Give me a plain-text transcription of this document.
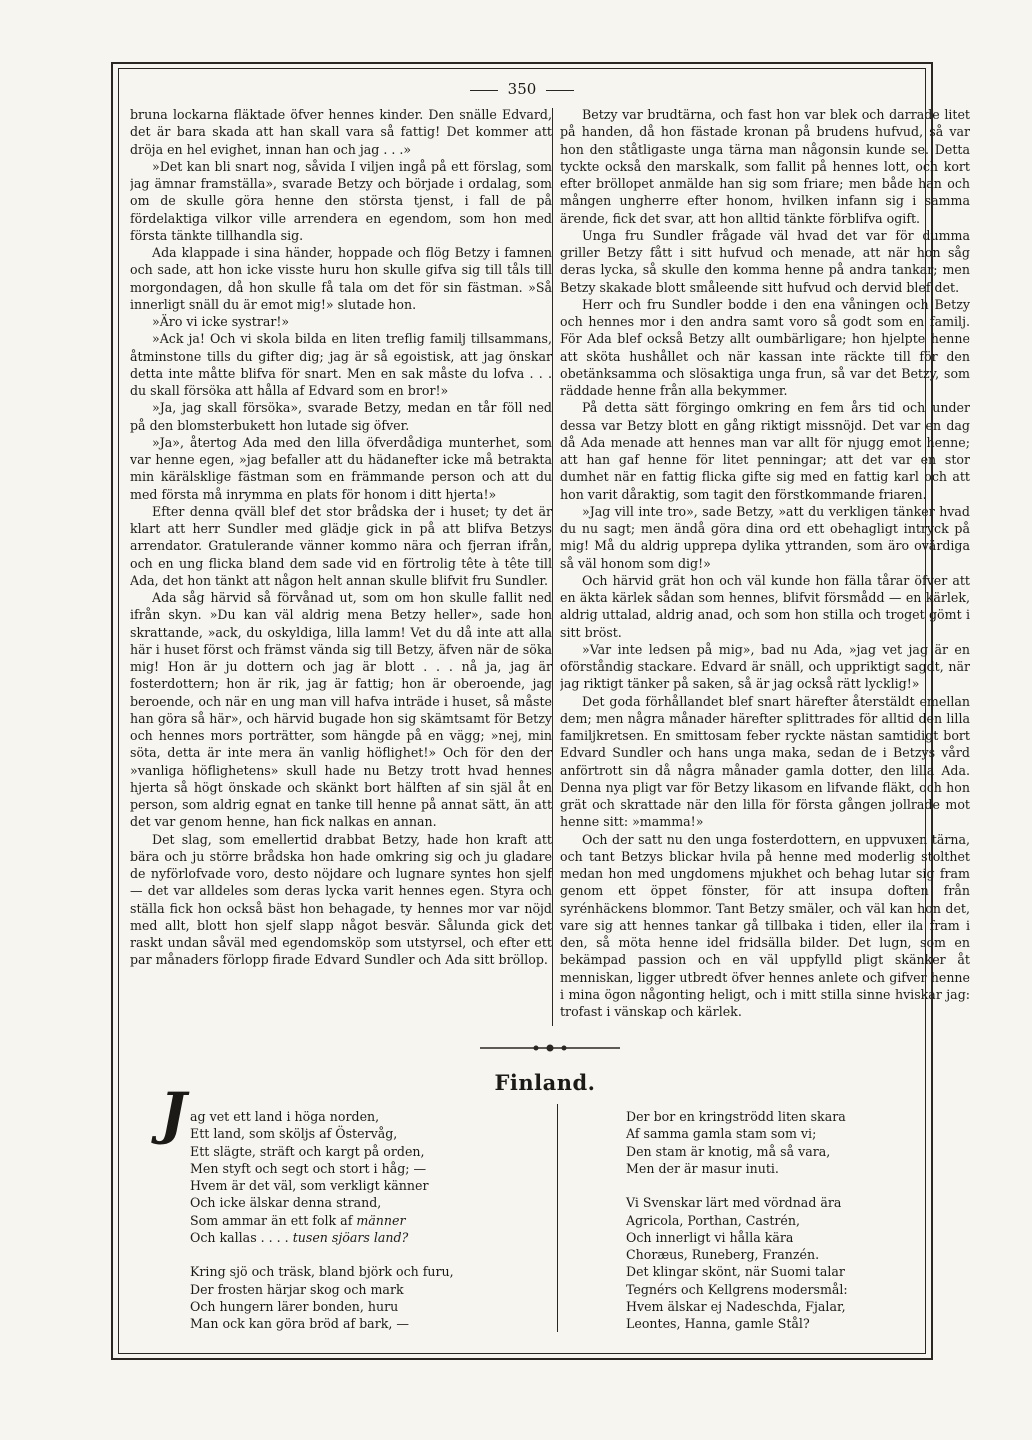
350

bruna lockarna fläktade öfver hennes kinder. Den snälle Edvard, det är bara skada att han skall vara så fattig! Det kommer att dröja en hel evighet, innan han och jag . . .»

»Det kan bli snart nog, såvida I viljen ingå på ett förslag, som jag ämnar framställa», svarade Betzy och började i ordalag, som om de skulle göra henne den största tjenst, i fall de på fördelaktiga vilkor ville arrendera en egendom, som hon med första tänkte tillhandla sig.

Ada klappade i sina händer, hoppade och flög Betzy i famnen och sade, att hon icke visste huru hon skulle gifva sig till tåls till morgondagen, då hon skulle få tala om det för sin fästman. »Så innerligt snäll du är emot mig!» slutade hon.

»Äro vi icke systrar!»

»Ack ja! Och vi skola bilda en liten treflig familj tillsammans, åtminstone tills du gifter dig; jag är så egoistisk, att jag önskar detta inte måtte blifva för snart. Men en sak måste du lofva . . . du skall försöka att hålla af Edvard som en bror!»

»Ja, jag skall försöka», svarade Betzy, medan en tår föll ned på den blomsterbukett hon lutade sig öfver.

»Ja», återtog Ada med den lilla öfverdådiga munterhet, som var henne egen, »jag befaller att du hädanefter icke må betrakta min kärälsklige fästman som en främmande person och att du med första må inrymma en plats för honom i ditt hjerta!»

Efter denna qväll blef det stor brådska der i huset; ty det är klart att herr Sundler med glädje gick in på att blifva Betzys arrendator. Gratulerande vänner kommo nära och fjerran ifrån, och en ung flicka bland dem sade vid en förtrolig tête à tête till Ada, det hon tänkt att någon helt annan skulle blifvit fru Sundler.

Ada såg härvid så förvånad ut, som om hon skulle fallit ned ifrån skyn. »Du kan väl aldrig mena Betzy heller», sade hon skrattande, »ack, du oskyldiga, lilla lamm! Vet du då inte att alla här i huset först och främst vända sig till Betzy, äfven när de söka mig! Hon är ju dottern och jag är blott . . . nå ja, jag är fosterdottern; hon är rik, jag är fattig; hon är oberoende, jag beroende, och när en ung man vill hafva inträde i huset, så måste han göra så här», och härvid bugade hon sig skämtsamt för Betzy och hennes mors porträtter, som hängde på en vägg; »nej, min söta, detta är inte mera än vanlig höflighet!» Och för den der »vanliga höflighetens» skull hade nu Betzy trott hvad hennes hjerta så högt önskade och skänkt bort hälften af sin själ åt en person, som aldrig egnat en tanke till henne på annat sätt, än att det var genom henne, han fick nalkas en annan.

Det slag, som emellertid drabbat Betzy, hade hon kraft att bära och ju större brådska hon hade omkring sig och ju gladare de nyförlofvade voro, desto nöjdare och lugnare syntes hon sjelf — det var alldeles som deras lycka varit hennes egen. Styra och ställa fick hon också bäst hon behagade, ty hennes mor var nöjd med allt, blott hon sjelf slapp något besvär. Sålunda gick det raskt undan såväl med egendomsköp som utstyrsel, och efter ett par månaders förlopp firade Edvard Sundler och Ada sitt bröllop.

Betzy var brudtärna, och fast hon var blek och darrade litet på handen, då hon fästade kronan på brudens hufvud, så var hon den ståtligaste unga tärna man någonsin kunde se. Detta tyckte också den marskalk, som fallit på hennes lott, och kort efter bröllopet anmälde han sig som friare; men både han och mången ungherre efter honom, hvilken infann sig i samma ärende, fick det svar, att hon alltid tänkte förblifva ogift.

Unga fru Sundler frågade väl hvad det var för dumma griller Betzy fått i sitt hufvud och menade, att när hon såg deras lycka, så skulle den komma henne på andra tankar; men Betzy skakade blott småleende sitt hufvud och dervid blef det.

Herr och fru Sundler bodde i den ena våningen och Betzy och hennes mor i den andra samt voro så godt som en familj. För Ada blef också Betzy allt oumbärligare; hon hjelpte henne att sköta hushållet och när kassan inte räckte till för den obetänksamma och slösaktiga unga frun, så var det Betzy, som räddade henne från alla bekymmer.

På detta sätt förgingo omkring en fem års tid och under dessa var Betzy blott en gång riktigt missnöjd. Det var en dag då Ada menade att hennes man var allt för njugg emot henne; att han gaf henne för litet penningar; att det var en stor dumhet när en fattig flicka gifte sig med en fattig karl och att hon varit dåraktig, som tagit den förstkommande friaren.

»Jag vill inte tro», sade Betzy, »att du verkligen tänker hvad du nu sagt; men ändå göra dina ord ett obehagligt intryck på mig! Må du aldrig upprepa dylika yttranden, som äro ovärdiga så väl honom som dig!»

Och härvid grät hon och väl kunde hon fälla tårar öfver att en äkta kärlek sådan som hennes, blifvit försmådd — en kärlek, aldrig uttalad, aldrig anad, och som hon stilla och troget gömt i sitt bröst.

»Var inte ledsen på mig», bad nu Ada, »jag vet jag är en oförståndig stackare. Edvard är snäll, och uppriktigt sagdt, när jag riktigt tänker på saken, så är jag också rätt lycklig!»

Det goda förhållandet blef snart härefter återstäldt emellan dem; men några månader härefter splittrades för alltid den lilla familjkretsen. En smittosam feber ryckte nästan samtidigt bort Edvard Sundler och hans unga maka, sedan de i Betzys vård anförtrott sin då några månader gamla dotter, den lilla Ada. Denna nya pligt var för Betzy likasom en lifvande fläkt, och hon grät och skrattade när den lilla för första gången jollrade mot henne sitt: »mamma!»

Och der satt nu den unga fosterdottern, en uppvuxen tärna, och tant Betzys blickar hvila på henne med moderlig stolthet medan hon med ungdomens mjukhet och behag lutar sig fram genom ett öppet fönster, för att insupa doften från syrénhäckens blommor. Tant Betzy smäler, och väl kan hon det, vare sig att hennes tankar gå tillbaka i tiden, eller ila fram i den, så möta henne idel fridsälla bilder. Det lugn, som en bekämpad passion och en väl uppfylld pligt skänker åt menniskan, ligger utbredt öfver hennes anlete och gifver henne i mina ögon någonting heligt, och i mitt stilla sinne hviskar jag: trofast i vänskap och kärlek.

Finland.
J ag vet ett land i höga norden,
Ett land, som sköljs af Östervåg,
Ett slägte, sträft och kargt på orden,
Men styft och segt och stort i håg; —
Hvem är det väl, som verkligt känner
Och icke älskar denna strand,
Som ammar än ett folk af männer
Och kallas . . . . tusen sjöars land?
Kring sjö och träsk, bland björk och furu,
Der frosten härjar skog och mark
Och hungern lärer bonden, huru
Man ock kan göra bröd af bark, —
Der bor en kringströdd liten skara
Af samma gamla stam som vi;
Den stam är knotig, må så vara,
Men der är masur inuti.
Vi Svenskar lärt med vördnad ära
Agricola, Porthan, Castrén,
Och innerligt vi hålla kära
Choræus, Runeberg, Franzén.
Det klingar skönt, när Suomi talar
Tegnérs och Kellgrens modersmål:
Hvem älskar ej Nadeschda, Fjalar,
Leontes, Hanna, gamle Stål?
